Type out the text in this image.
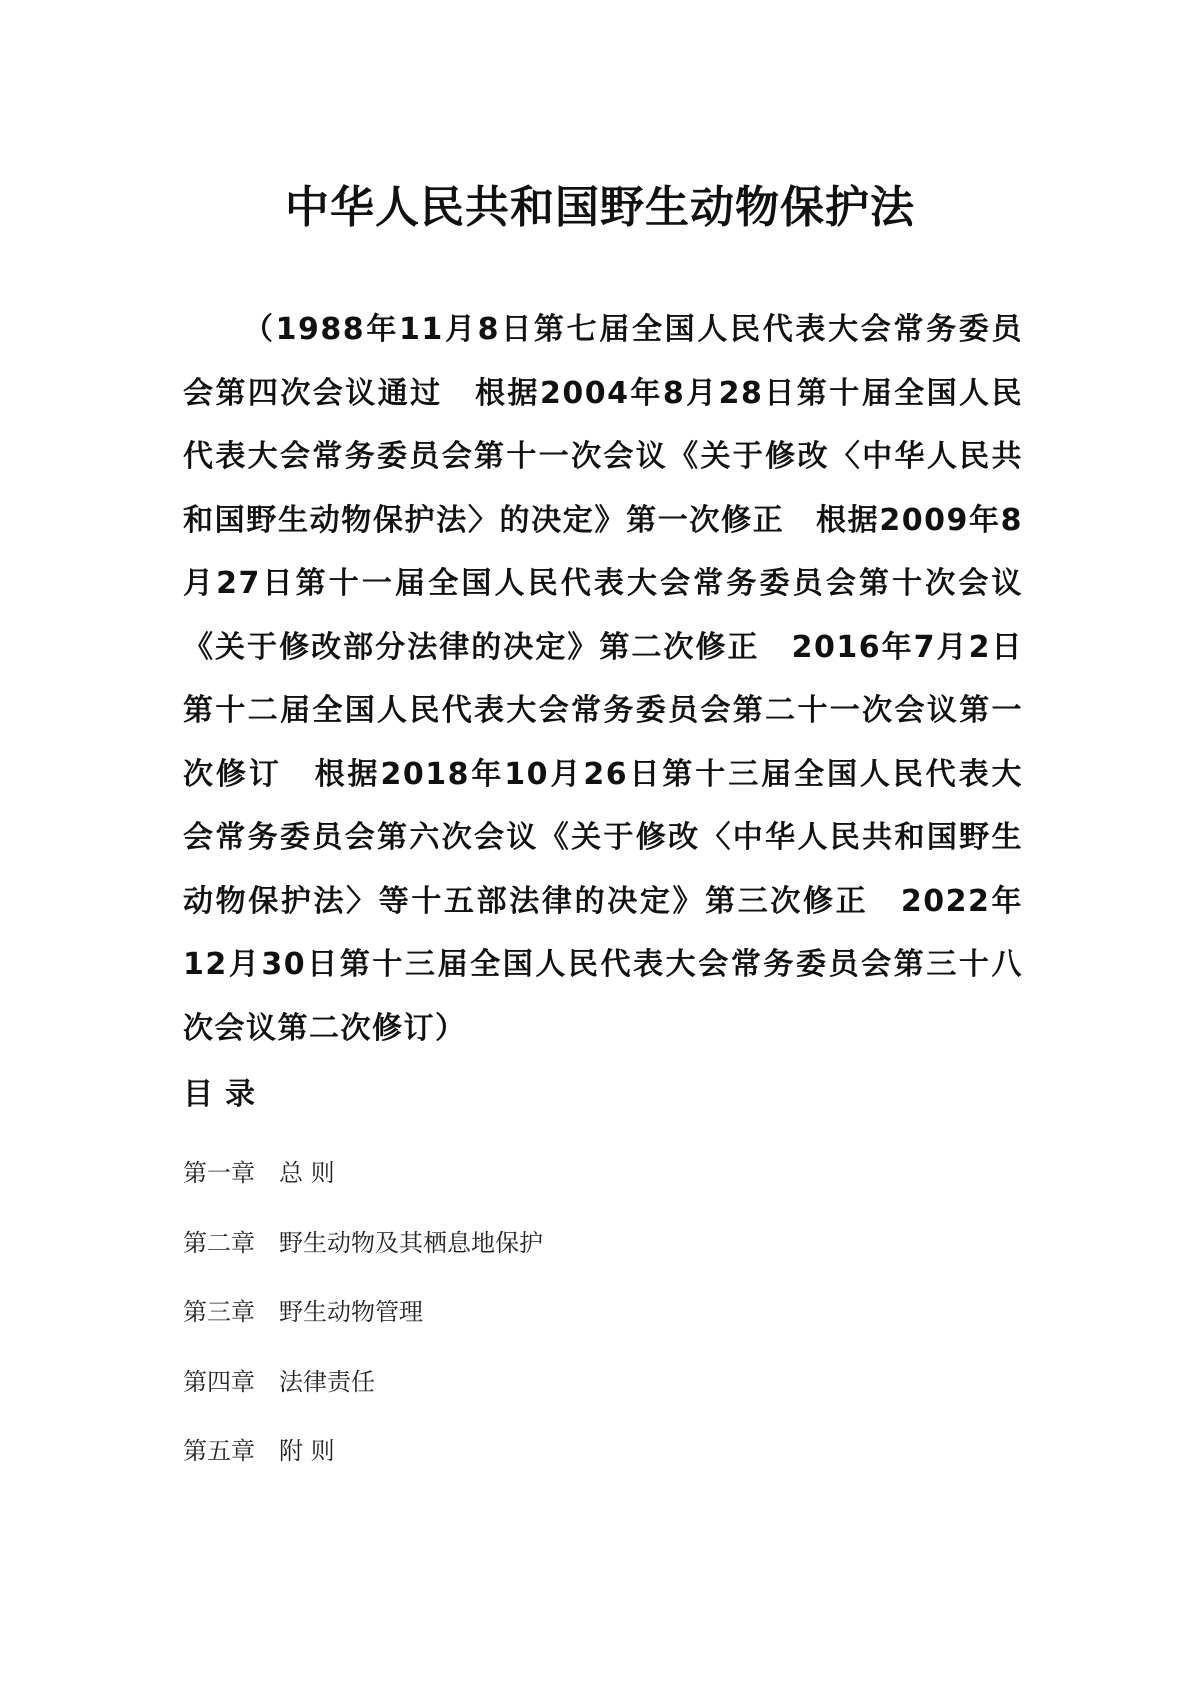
中华人民共和国野生动物保护法

（1988年11月8日第七届全国人民代表大会常务委员会第四次会议通过　根据2004年8月28日第十届全国人民代表大会常务委员会第十一次会议《关于修改〈中华人民共和国野生动物保护法〉的决定》第一次修正　根据2009年8月27日第十一届全国人民代表大会常务委员会第十次会议《关于修改部分法律的决定》第二次修正　2016年7月2日第十二届全国人民代表大会常务委员会第二十一次会议第一次修订　根据2018年10月26日第十三届全国人民代表大会常务委员会第六次会议《关于修改〈中华人民共和国野生动物保护法〉等十五部法律的决定》第三次修正　2022年12月30日第十三届全国人民代表大会常务委员会第三十八次会议第二次修订）

目录
第一章 总 则
第二章 野生动物及其栖息地保护
第三章 野生动物管理
第四章 法律责任
第五章 附 则
